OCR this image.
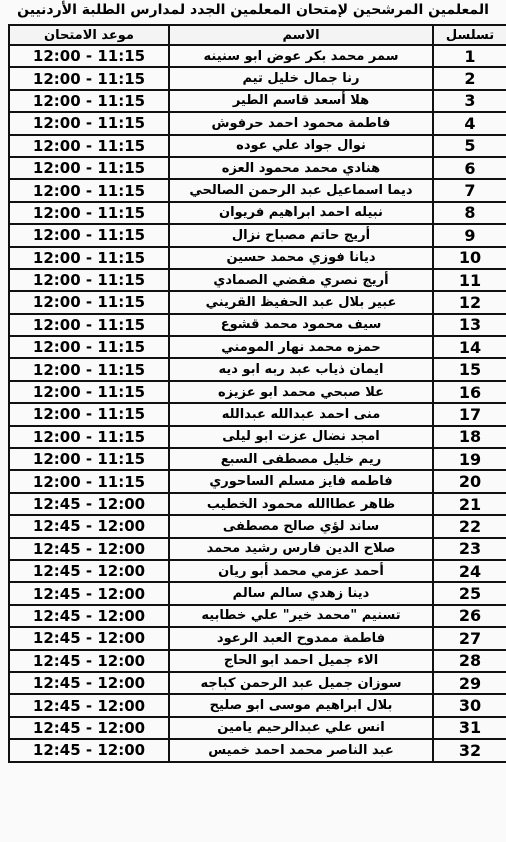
المعلمين المرشحين لإمتحان المعلمين الجدد لمدارس الطلبة الأردنيين
موعد الامتحان	الاسم	تسلسل
12:00 - 11:15	سمر محمد بكر عوض ابو سنينه	1
12:00 - 11:15	رنا جمال خليل تيم	2
12:00 - 11:15	هلا أسعد قاسم الطير	3
12:00 - 11:15	فاطمة محمود احمد حرفوش	4
12:00 - 11:15	نوال جواد علي عوده	5
12:00 - 11:15	هنادي محمد محمود العزه	6
12:00 - 11:15	ديما اسماعيل عبد الرحمن الصالحي	7
12:00 - 11:15	نبيله احمد ابراهيم فريوان	8
12:00 - 11:15	أريج حاتم مصباح نزال	9
12:00 - 11:15	ديانا فوزي محمد حسين	10
12:00 - 11:15	أريج نصري مفضي الصمادي	11
12:00 - 11:15	عبير بلال عبد الحفيظ القريني	12
12:00 - 11:15	سيف محمود محمد قشوع	13
12:00 - 11:15	حمزه محمد نهار المومني	14
12:00 - 11:15	ايمان ذياب عبد ربه ابو ديه	15
12:00 - 11:15	علا صبحي محمد ابو عزيزه	16
12:00 - 11:15	منى احمد عبدالله عبدالله	17
12:00 - 11:15	امجد نضال عزت ابو ليلى	18
12:00 - 11:15	ريم خليل مصطفى السبع	19
12:00 - 11:15	فاطمه فايز مسلم الساحوري	20
12:45 - 12:00	ظاهر عطاالله محمود الخطيب	21
12:45 - 12:00	ساند لؤي صالح مصطفى	22
12:45 - 12:00	صلاح الدين فارس رشيد محمد	23
12:45 - 12:00	أحمد عزمي محمد أبو ريان	24
12:45 - 12:00	دينا زهدي سالم سالم	25
12:45 - 12:00	تسنيم "محمد خير" علي خطابيه	26
12:45 - 12:00	فاطمة ممدوح العبد الرعود	27
12:45 - 12:00	الاء جميل احمد ابو الحاج	28
12:45 - 12:00	سوزان جميل عبد الرحمن كباجه	29
12:45 - 12:00	بلال ابراهيم موسى ابو صليح	30
12:45 - 12:00	انس علي عبدالرحيم يامين	31
12:45 - 12:00	عبد الناصر محمد احمد خميس	32
